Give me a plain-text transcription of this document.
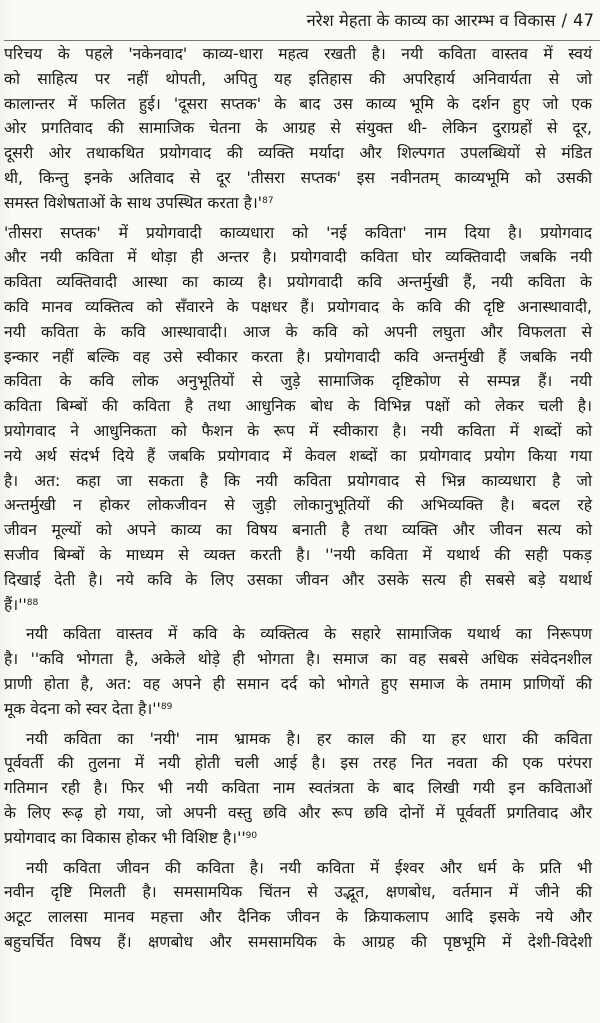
नरेश मेहता के काव्य का आरम्भ व विकास / 47

परिचय के पहले 'नकेनवाद' काव्य-धारा महत्व रखती है। नयी कविता वास्तव में स्वयं
को साहित्य पर नहीं थोपती, अपितु यह इतिहास की अपरिहार्य अनिवार्यता से जो
कालान्तर में फलित हुई। 'दूसरा सप्तक' के बाद उस काव्य भूमि के दर्शन हुए जो एक
ओर प्रगतिवाद की सामाजिक चेतना के आग्रह से संयुक्त थी- लेकिन दुराग्रहों से दूर,
दूसरी ओर तथाकथित प्रयोगवाद की व्यक्ति मर्यादा और शिल्पगत उपलब्धियों से मंडित
थी, किन्तु इनके अतिवाद से दूर 'तीसरा सप्तक' इस नवीनतम् काव्यभूमि को उसकी
समस्त विशेषताओं के साथ उपस्थित करता है।'$^{87}$

'तीसरा सप्तक' में प्रयोगवादी काव्यधारा को 'नई कविता' नाम दिया है। प्रयोगवाद
और नयी कविता में थोड़ा ही अन्तर है। प्रयोगवादी कविता घोर व्यक्तिवादी जबकि नयी
कविता व्यक्तिवादी आस्था का काव्य है। प्रयोगवादी कवि अन्तर्मुखी हैं, नयी कविता के
कवि मानव व्यक्तित्व को सँवारने के पक्षधर हैं। प्रयोगवाद के कवि की दृष्टि अनास्थावादी,
नयी कविता के कवि आस्थावादी। आज के कवि को अपनी लघुता और विफलता से
इन्कार नहीं बल्कि वह उसे स्वीकार करता है। प्रयोगवादी कवि अन्तर्मुखी हैं जबकि नयी
कविता के कवि लोक अनुभूतियों से जुड़े सामाजिक दृष्टिकोण से सम्पन्न हैं। नयी
कविता बिम्बों की कविता है तथा आधुनिक बोध के विभिन्न पक्षों को लेकर चली है।
प्रयोगवाद ने आधुनिकता को फैशन के रूप में स्वीकारा है। नयी कविता में शब्दों को
नये अर्थ संदर्भ दिये हैं जबकि प्रयोगवाद में केवल शब्दों का प्रयोगवाद प्रयोग किया गया
है। अत: कहा जा सकता है कि नयी कविता प्रयोगवाद से भिन्न काव्यधारा है जो
अन्तर्मुखी न होकर लोकजीवन से जुड़ी लोकानुभूतियों की अभिव्यक्ति है। बदल रहे
जीवन मूल्यों को अपने काव्य का विषय बनाती है तथा व्यक्ति और जीवन सत्य को
सजीव बिम्बों के माध्यम से व्यक्त करती है। ''नयी कविता में यथार्थ की सही पकड़
दिखाई देती है। नये कवि के लिए उसका जीवन और उसके सत्य ही सबसे बड़े यथार्थ
हैं।''$^{88}$

नयी कविता वास्तव में कवि के व्यक्तित्व के सहारे सामाजिक यथार्थ का निरूपण
है। ''कवि भोगता है, अकेले थोड़े ही भोगता है। समाज का वह सबसे अधिक संवेदनशील
प्राणी होता है, अत: वह अपने ही समान दर्द को भोगते हुए समाज के तमाम प्राणियों की
मूक वेदना को स्वर देता है।''$^{89}$

नयी कविता का 'नयी' नाम भ्रामक है। हर काल की या हर धारा की कविता
पूर्ववर्ती की तुलना में नयी होती चली आई है। इस तरह नित नवता की एक परंपरा
गतिमान रही है। फिर भी नयी कविता नाम स्वतंत्रता के बाद लिखी गयी इन कविताओं
के लिए रूढ़ हो गया, जो अपनी वस्तु छवि और रूप छवि दोनों में पूर्ववर्ती प्रगतिवाद और
प्रयोगवाद का विकास होकर भी विशिष्ट है।''$^{90}$

नयी कविता जीवन की कविता है। नयी कविता में ईश्वर और धर्म के प्रति भी
नवीन दृष्टि मिलती है। समसामयिक चिंतन से उद्भूत, क्षणबोध, वर्तमान में जीने की
अटूट लालसा मानव महत्ता और दैनिक जीवन के क्रियाकलाप आदि इसके नये और
बहुचर्चित विषय हैं। क्षणबोध और समसामयिक के आग्रह की पृष्ठभूमि में देशी-विदेशी
